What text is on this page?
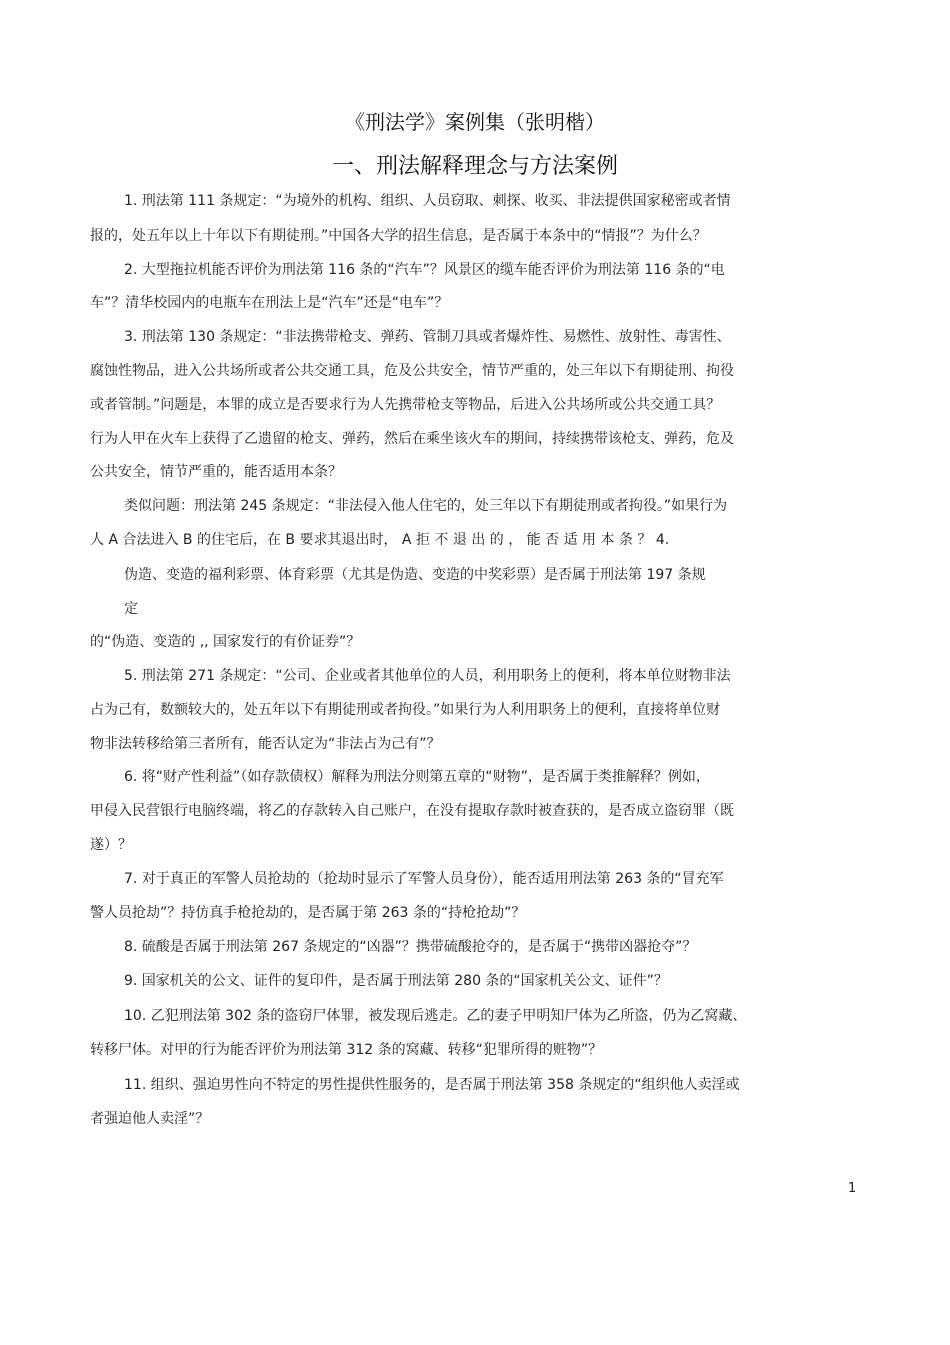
《刑法学》案例集（张明楷）
一、刑法解释理念与方法案例
1. 刑法第 111 条规定：“为境外的机构、组织、人员窃取、刺探、收买、非法提供国家秘密或者情
报的，处五年以上十年以下有期徒刑。”中国各大学的招生信息，是否属于本条中的“情报”？为什么？
2. 大型拖拉机能否评价为刑法第 116 条的“汽车”？风景区的缆车能否评价为刑法第 116 条的“电
车”？清华校园内的电瓶车在刑法上是“汽车”还是“电车”？
3. 刑法第 130 条规定：“非法携带枪支、弹药、管制刀具或者爆炸性、易燃性、放射性、毒害性、
腐蚀性物品，进入公共场所或者公共交通工具，危及公共安全，情节严重的，处三年以下有期徒刑、拘役
或者管制。”问题是，本罪的成立是否要求行为人先携带枪支等物品，后进入公共场所或公共交通工具？
行为人甲在火车上获得了乙遗留的枪支、弹药，然后在乘坐该火车的期间，持续携带该枪支、弹药，危及
公共安全，情节严重的，能否适用本条？
类似问题：刑法第 245 条规定：“非法侵入他人住宅的，处三年以下有期徒刑或者拘役。”如果行为
人 A 合法进入 B 的住宅后，在 B 要求其退出时， A 拒 不 退 出 的 ， 能 否 适 用 本 条 ？ 4.
伪造、变造的福利彩票、体育彩票（尤其是伪造、变造的中奖彩票）是否属于刑法第 197 条规
定
的“伪造、变造的 ,, 国家发行的有价证券”？
5. 刑法第 271 条规定：“公司、企业或者其他单位的人员，利用职务上的便利，将本单位财物非法
占为己有，数额较大的，处五年以下有期徒刑或者拘役。”如果行为人利用职务上的便利，直接将单位财
物非法转移给第三者所有，能否认定为“非法占为己有”？
6. 将“财产性利益”（如存款债权）解释为刑法分则第五章的“财物”，是否属于类推解释？例如，
甲侵入民营银行电脑终端，将乙的存款转入自己账户，在没有提取存款时被查获的，是否成立盗窃罪（既
遂）？
7. 对于真正的军警人员抢劫的（抢劫时显示了军警人员身份），能否适用刑法第 263 条的“冒充军
警人员抢劫”？持仿真手枪抢劫的，是否属于第 263 条的“持枪抢劫”？
8. 硫酸是否属于刑法第 267 条规定的“凶器”？携带硫酸抢夺的，是否属于“携带凶器抢夺”？
9. 国家机关的公文、证件的复印件，是否属于刑法第 280 条的“国家机关公文、证件”？
10. 乙犯刑法第 302 条的盗窃尸体罪，被发现后逃走。乙的妻子甲明知尸体为乙所盗，仍为乙窝藏、
转移尸体。对甲的行为能否评价为刑法第 312 条的窝藏、转移“犯罪所得的赃物”？
11. 组织、强迫男性向不特定的男性提供性服务的，是否属于刑法第 358 条规定的“组织他人卖淫或
者强迫他人卖淫”？
1
